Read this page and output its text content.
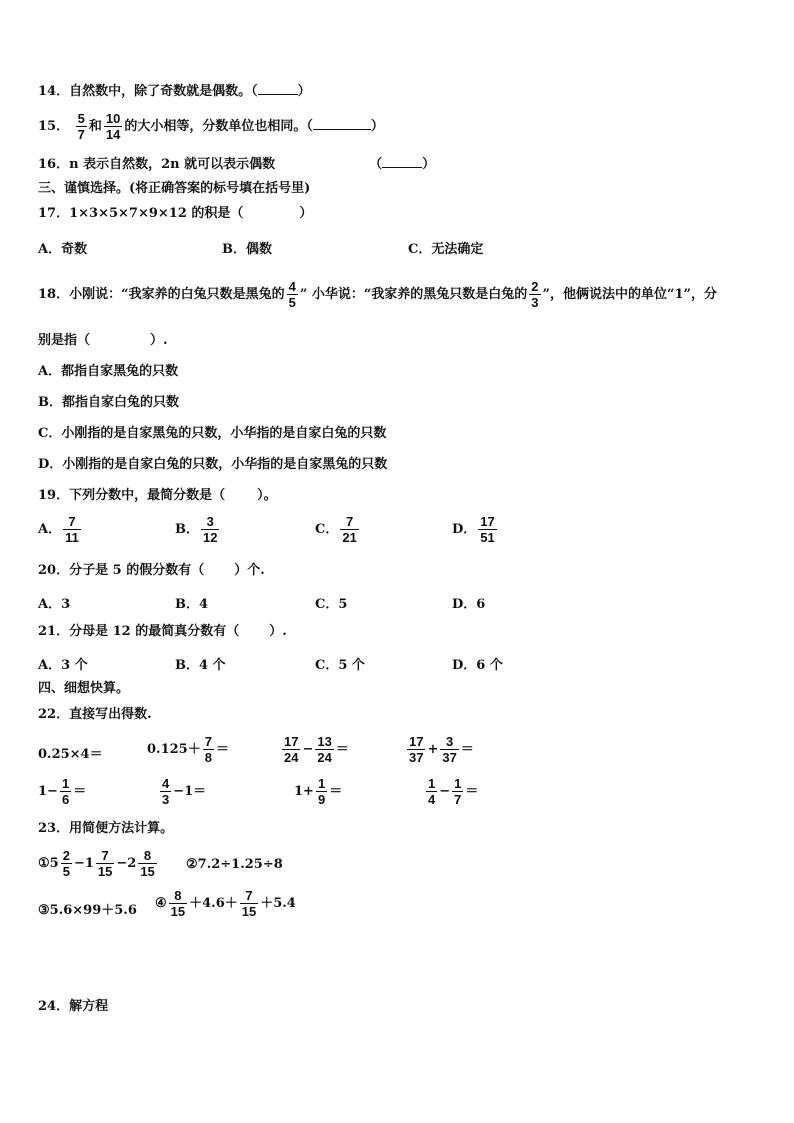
14．自然数中，除了奇数就是偶数。（	）
15． $\frac{5}{7}$ 和 $\frac{10}{14}$ 的大小相等，分数单位也相同。（	）
16．n 表示自然数，2n 就可以表示偶数	（	）
三、谨慎选择。(将正确答案的标号填在括号里)
17．1×3×5×7×9×12 的积是（	）
A．奇数	B．偶数	C．无法确定
18．小刚说：“我家养的白兔只数是黑兔的 $\frac{4}{5}$ ” 小华说：“我家养的黑兔只数是白兔的 $\frac{2}{3}$ ”，他俩说法中的单位“1”，分
别是指（	）.
A．都指自家黑兔的只数
B．都指自家白兔的只数
C．小刚指的是自家黑兔的只数，小华指的是自家白兔的只数
D．小刚指的是自家白兔的只数，小华指的是自家黑兔的只数
19．下列分数中，最简分数是（ ）。
A． $\frac{7}{11}$	B． $\frac{3}{12}$	C． $\frac{7}{21}$	D． $\frac{17}{51}$
20．分子是 5 的假分数有（ ）个.
A．3	B．4	C．5	D．6
21．分母是 12 的最简真分数有（ ）.
A．3 个	B．4 个	C．5 个	D．6 个
四、细想快算。
22．直接写出得数.
0.25×4＝	$0.125+ \frac{7}{8}$ ＝	$\frac{17}{24} - \frac{13}{24}$ ＝	$\frac{17}{37} + \frac{3}{37}$ ＝
$1- \frac{1}{6}$ ＝	$\frac{4}{3} -1=$	$1+ \frac{1}{9}$ ＝	$\frac{1}{4} - \frac{1}{7}$ ＝
23．用简便方法计算。
①5 $\frac{2}{5} -1 \frac{7}{15} -2 \frac{8}{15}$ ②7.2÷1.25÷8
③5.6×99＋5.6 ④ $\frac{8}{15} +4.6+ \frac{7}{15} +5.4$
24．解方程
